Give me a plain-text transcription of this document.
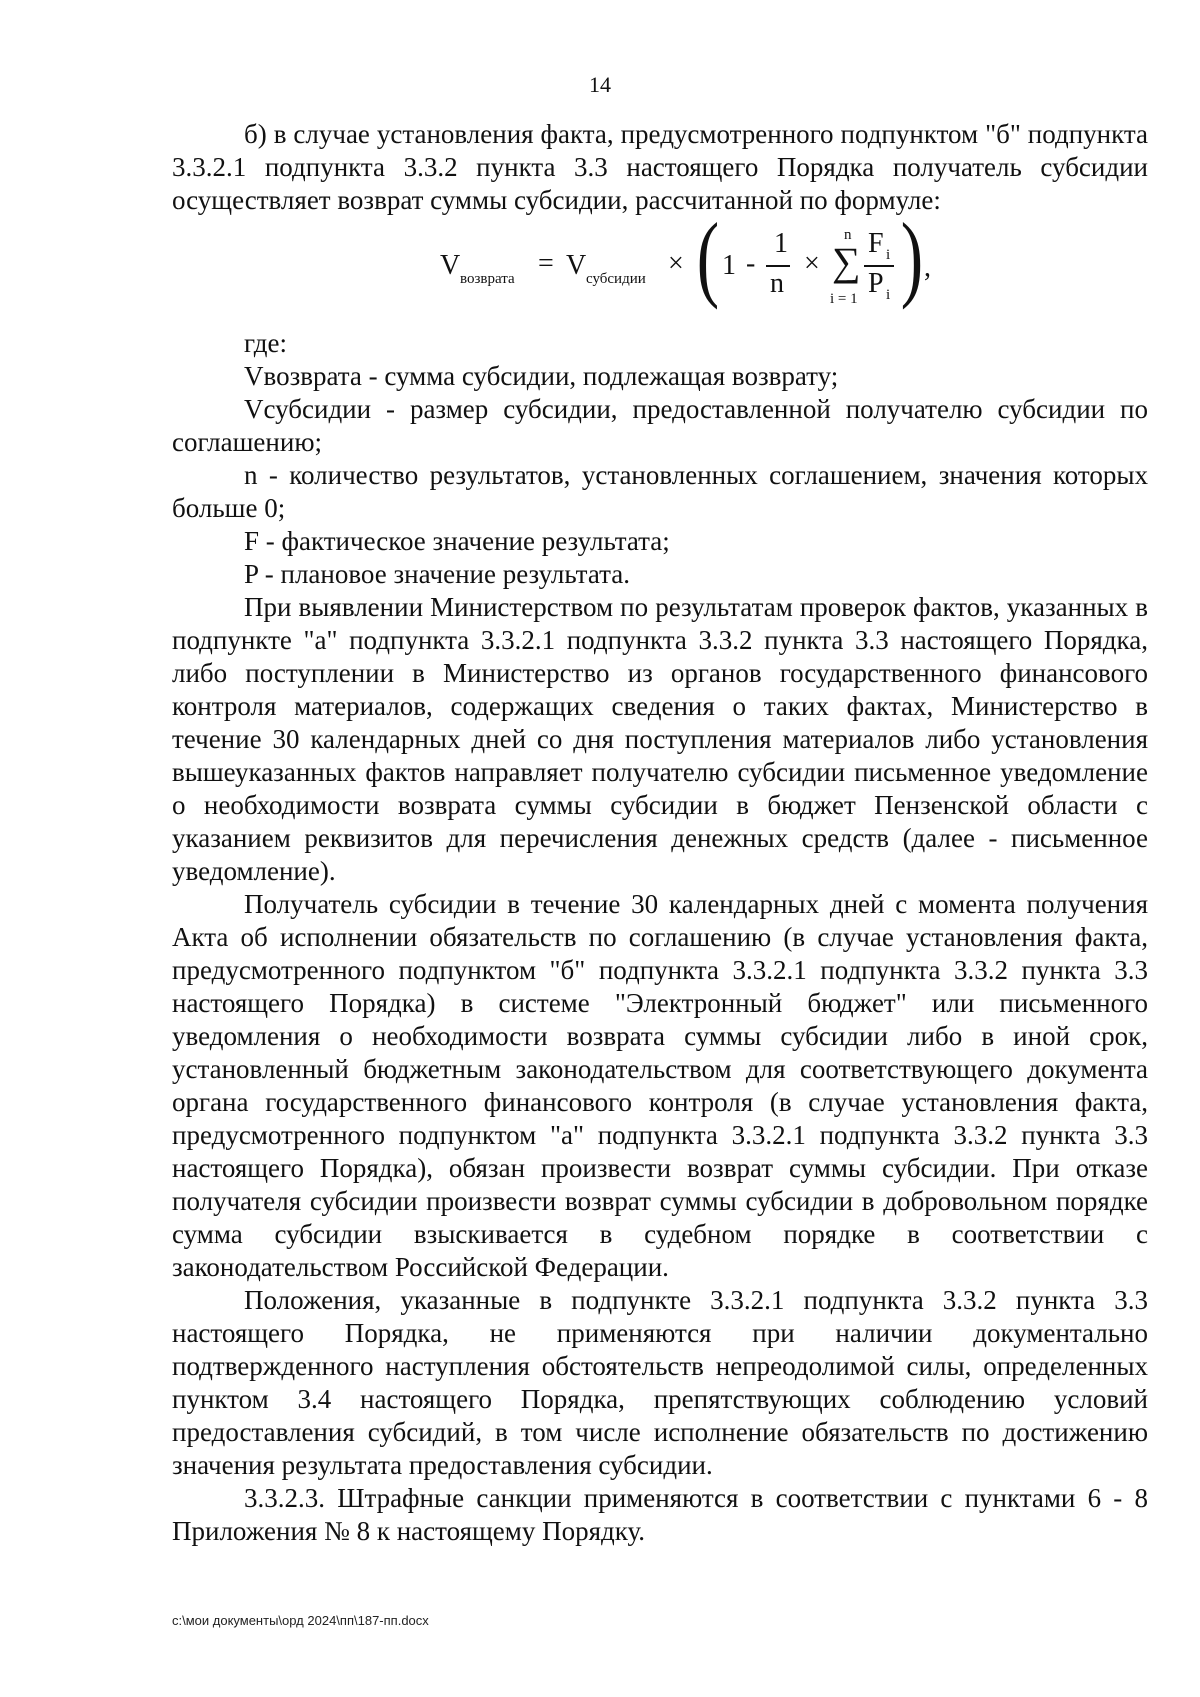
14

б) в случае установления факта, предусмотренного подпунктом "б" подпункта 3.3.2.1 подпункта 3.3.2 пункта 3.3 настоящего Порядка получатель субсидии осуществляет возврат суммы субсидии, рассчитанной по формуле:

V возврата = V субсидии × ( 1 -
1
n
×
n
∑
i = 1
F i
P i ) ,

где:

Vвозврата - сумма субсидии, подлежащая возврату;

Vсубсидии - размер субсидии, предоставленной получателю субсидии по соглашению;

n - количество результатов, установленных соглашением, значения которых больше 0;

F - фактическое значение результата;

P - плановое значение результата.

При выявлении Министерством по результатам проверок фактов, указанных в подпункте "а" подпункта 3.3.2.1 подпункта 3.3.2 пункта 3.3 настоящего Порядка, либо поступлении в Министерство из органов государственного финансового контроля материалов, содержащих сведения о таких фактах, Министерство в течение 30 календарных дней со дня поступления материалов либо установления вышеуказанных фактов направляет получателю субсидии письменное уведомление о необходимости возврата суммы субсидии в бюджет Пензенской области с указанием реквизитов для перечисления денежных средств (далее - письменное уведомление).

Получатель субсидии в течение 30 календарных дней с момента получения Акта об исполнении обязательств по соглашению (в случае установления факта, предусмотренного подпунктом "б" подпункта 3.3.2.1 подпункта 3.3.2 пункта 3.3 настоящего Порядка) в системе "Электронный бюджет" или письменного уведомления о необходимости возврата суммы субсидии либо в иной срок, установленный бюджетным законодательством для соответствующего документа органа государственного финансового контроля (в случае установления факта, предусмотренного подпунктом "а" подпункта 3.3.2.1 подпункта 3.3.2 пункта 3.3 настоящего Порядка), обязан произвести возврат суммы субсидии. При отказе получателя субсидии произвести возврат суммы субсидии в добровольном порядке сумма субсидии взыскивается в судебном порядке в соответствии с законодательством Российской Федерации.

Положения, указанные в подпункте 3.3.2.1 подпункта 3.3.2 пункта 3.3 настоящего Порядка, не применяются при наличии документально подтвержденного наступления обстоятельств непреодолимой силы, определенных пунктом 3.4 настоящего Порядка, препятствующих соблюдению условий предоставления субсидий, в том числе исполнение обязательств по достижению значения результата предоставления субсидии.

3.3.2.3. Штрафные санкции применяются в соответствии с пунктами 6 - 8 Приложения № 8 к настоящему Порядку.

c:\мои документы\орд 2024\пп\187-пп.docx
